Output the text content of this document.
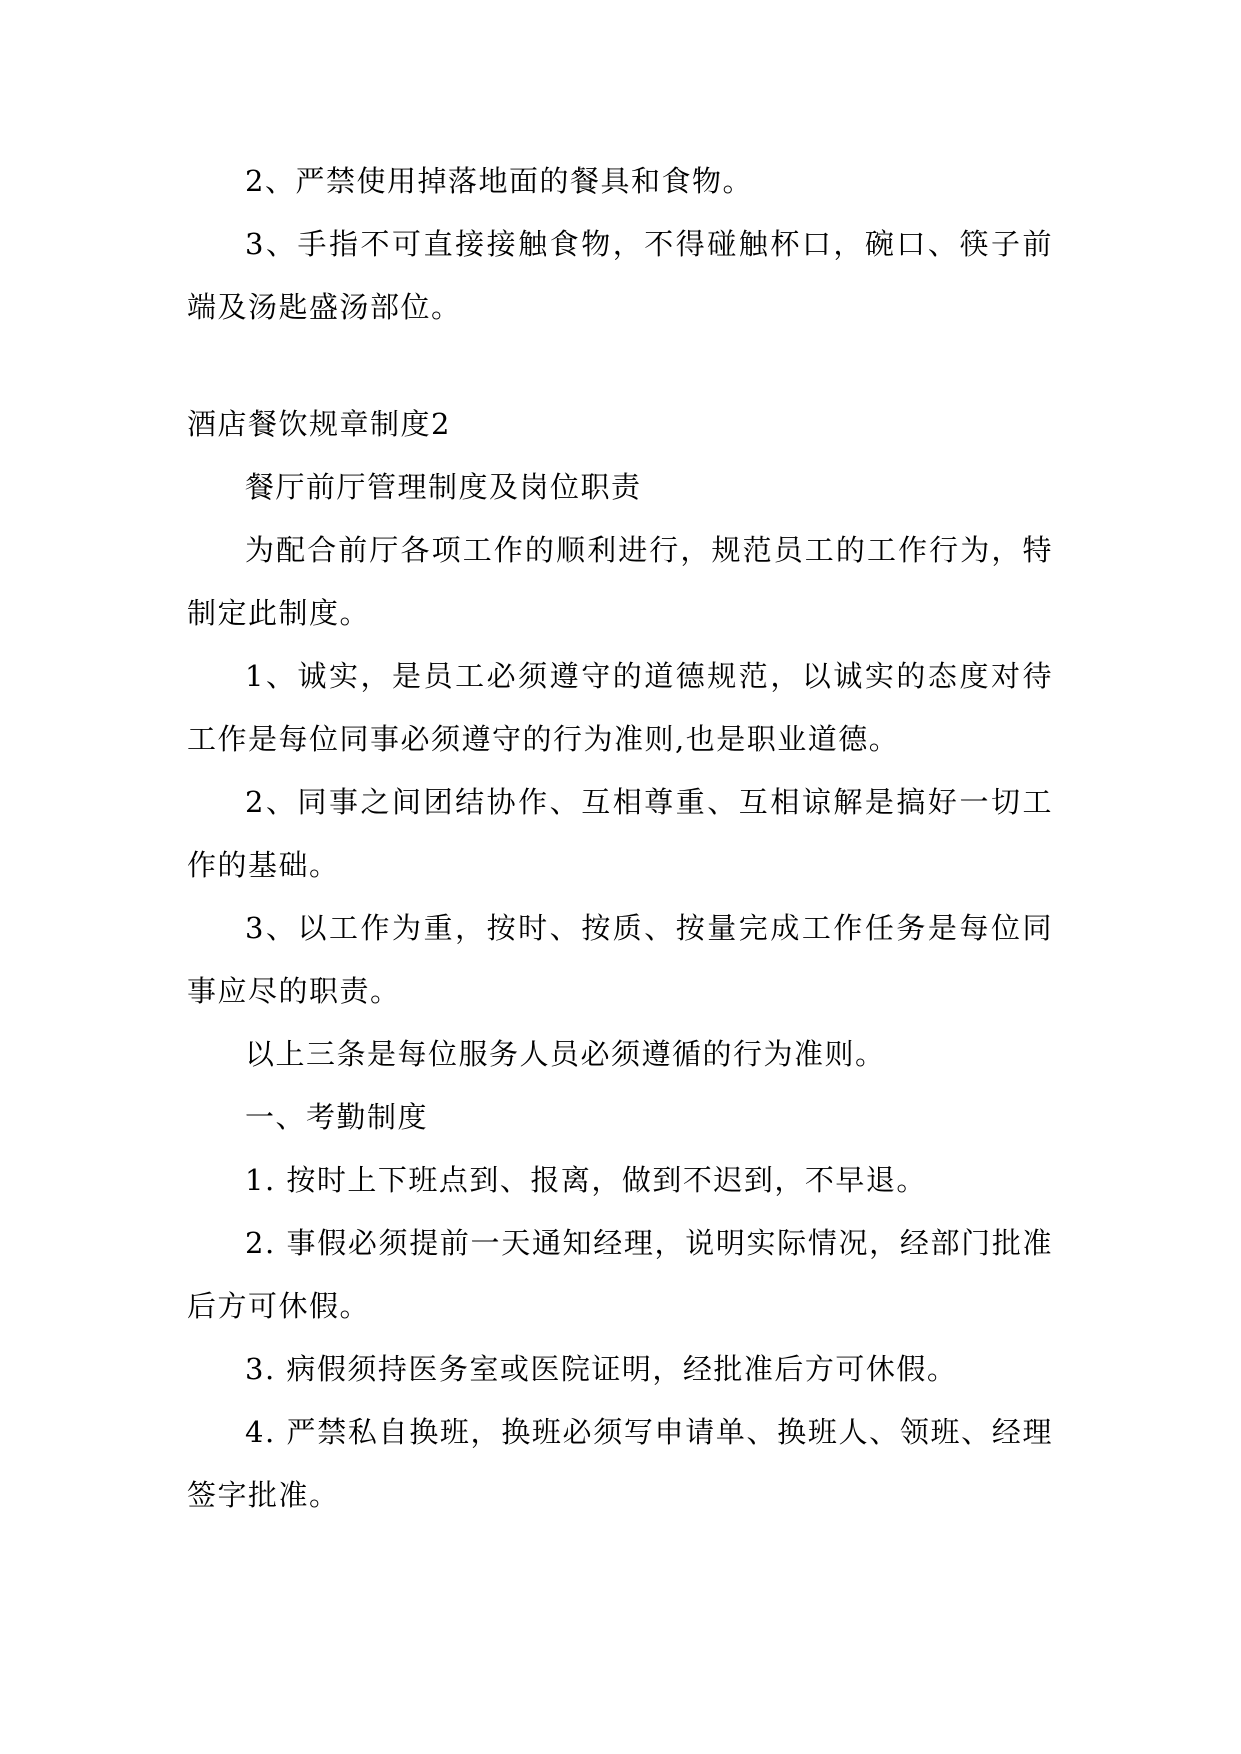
2、严禁使用掉落地面的餐具和食物。

3、手指不可直接接触食物，不得碰触杯口，碗口、筷子前端及汤匙盛汤部位。

酒店餐饮规章制度2

餐厅前厅管理制度及岗位职责

为配合前厅各项工作的顺利进行，规范员工的工作行为，特制定此制度。

1、诚实，是员工必须遵守的道德规范，以诚实的态度对待工作是每位同事必须遵守的行为准则,也是职业道德。

2、同事之间团结协作、互相尊重、互相谅解是搞好一切工作的基础。

3、以工作为重，按时、按质、按量完成工作任务是每位同事应尽的职责。

以上三条是每位服务人员必须遵循的行为准则。

一、考勤制度

1. 按时上下班点到、报离，做到不迟到，不早退。

2. 事假必须提前一天通知经理，说明实际情况，经部门批准后方可休假。

3. 病假须持医务室或医院证明，经批准后方可休假。

4. 严禁私自换班，换班必须写申请单、换班人、领班、经理签字批准。
